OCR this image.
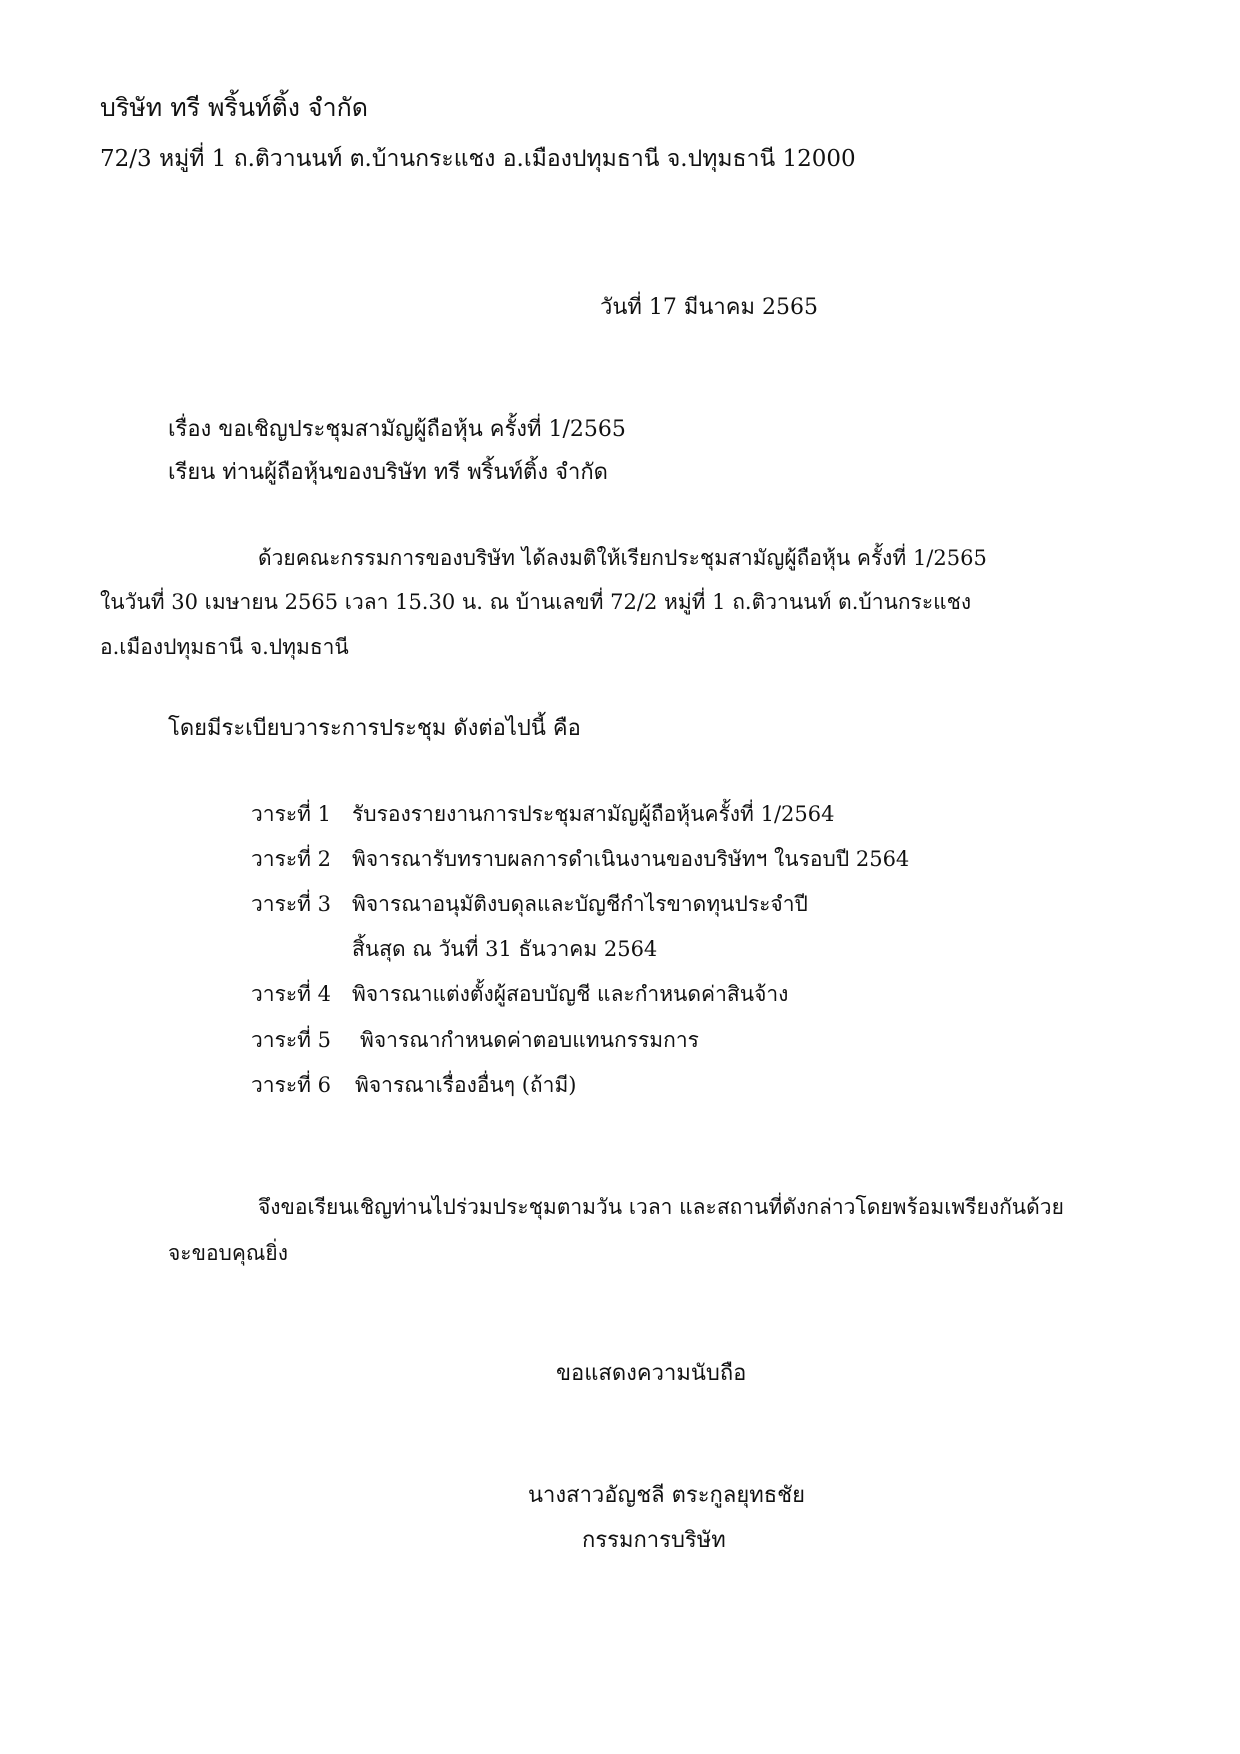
บริษัท ทรี พริ้นท์ติ้ง จำกัด
72/3 หมู่ที่ 1 ถ.ติวานนท์ ต.บ้านกระแชง อ.เมืองปทุมธานี จ.ปทุมธานี 12000
วันที่ 17 มีนาคม 2565
เรื่อง ขอเชิญประชุมสามัญผู้ถือหุ้น ครั้งที่ 1/2565
เรียน ท่านผู้ถือหุ้นของบริษัท ทรี พริ้นท์ติ้ง จำกัด
ด้วยคณะกรรมการของบริษัท ได้ลงมติให้เรียกประชุมสามัญผู้ถือหุ้น ครั้งที่ 1/2565
ในวันที่ 30 เมษายน 2565 เวลา 15.30 น. ณ บ้านเลขที่ 72/2 หมู่ที่ 1 ถ.ติวานนท์ ต.บ้านกระแชง
อ.เมืองปทุมธานี จ.ปทุมธานี
โดยมีระเบียบวาระการประชุม ดังต่อไปนี้ คือ
วาระที่ 1 รับรองรายงานการประชุมสามัญผู้ถือหุ้นครั้งที่ 1/2564
วาระที่ 2 พิจารณารับทราบผลการดำเนินงานของบริษัทฯ ในรอบปี 2564
วาระที่ 3 พิจารณาอนุมัติงบดุลและบัญชีกำไรขาดทุนประจำปี
สิ้นสุด ณ วันที่ 31 ธันวาคม 2564
วาระที่ 4 พิจารณาแต่งตั้งผู้สอบบัญชี และกำหนดค่าสินจ้าง
วาระที่ 5 พิจารณากำหนดค่าตอบแทนกรรมการ
วาระที่ 6 พิจารณาเรื่องอื่นๆ (ถ้ามี)
จึงขอเรียนเชิญท่านไปร่วมประชุมตามวัน เวลา และสถานที่ดังกล่าวโดยพร้อมเพรียงกันด้วย
จะขอบคุณยิ่ง
ขอแสดงความนับถือ
นางสาวอัญชลี ตระกูลยุทธชัย
กรรมการบริษัท
